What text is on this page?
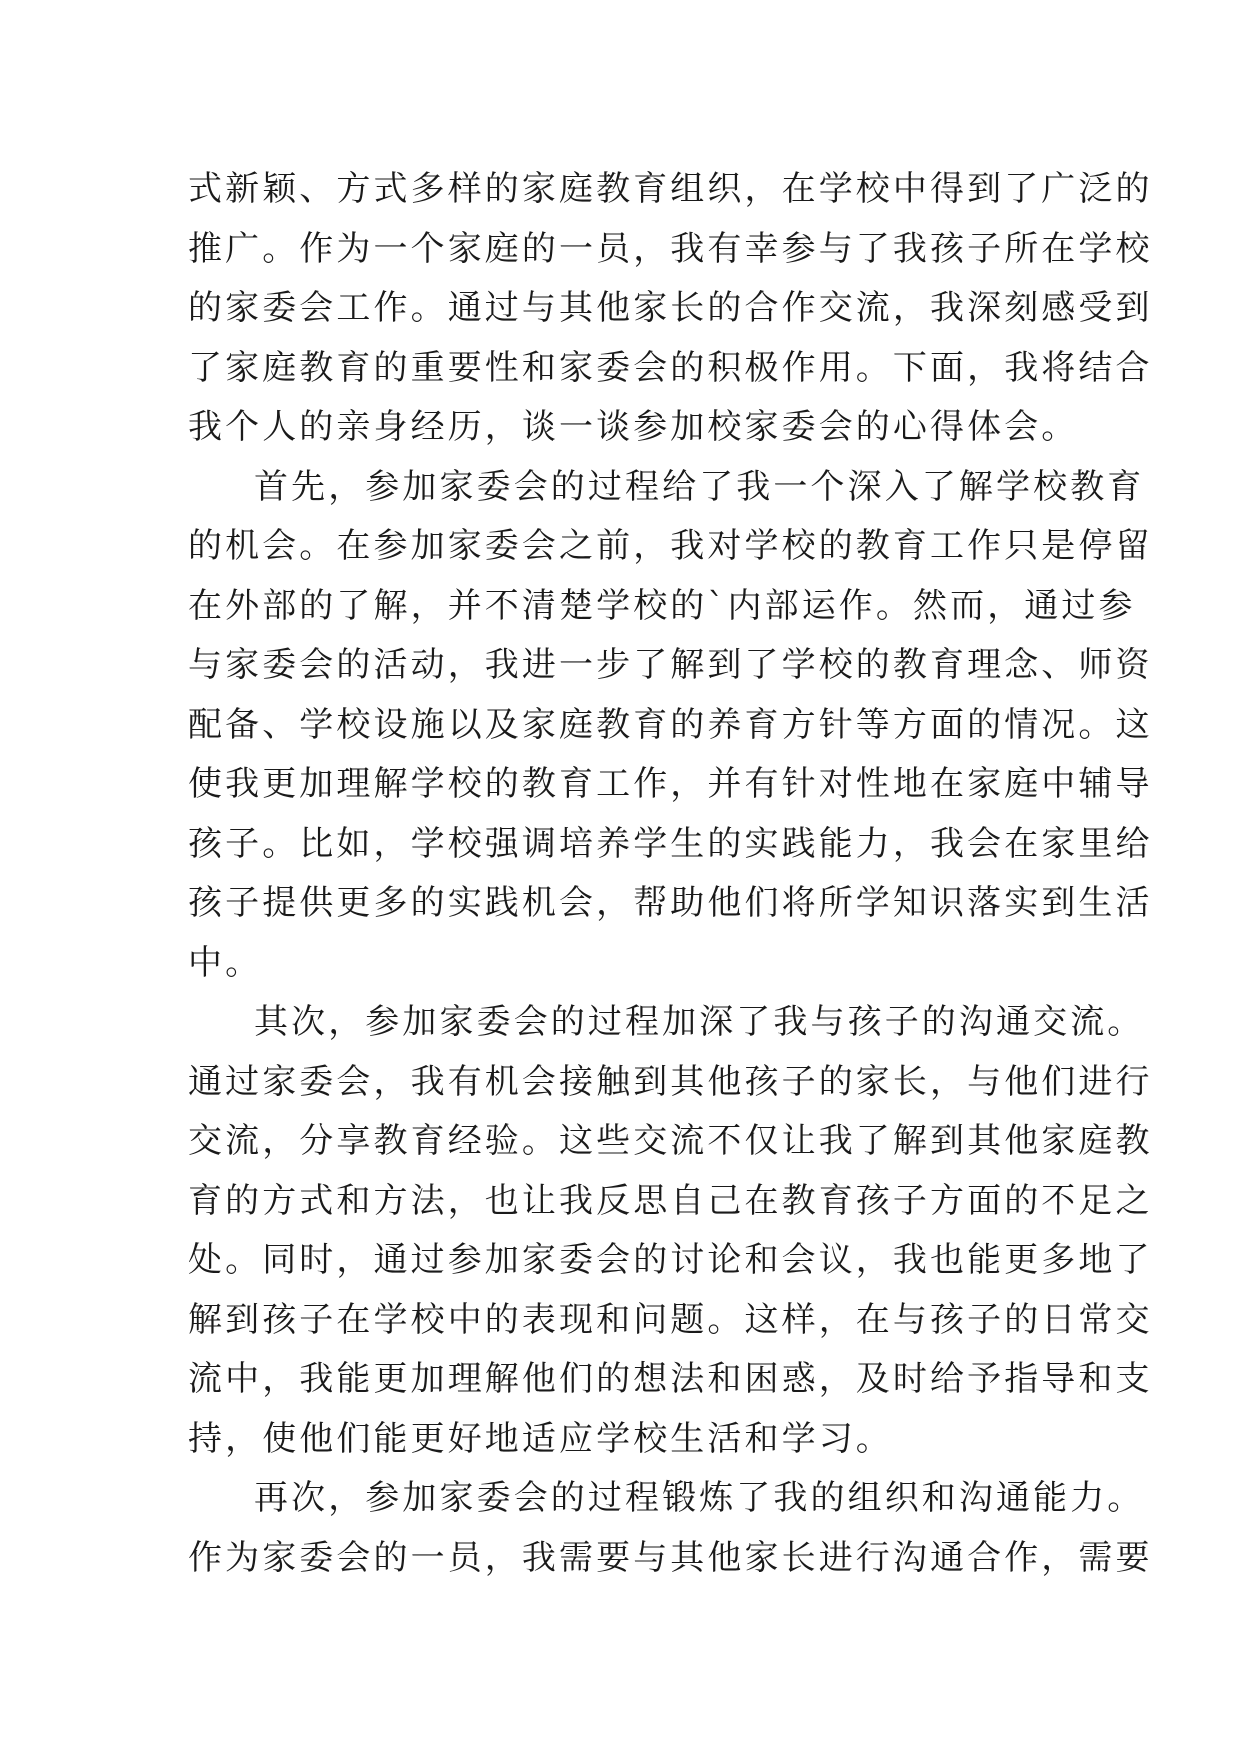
式新颖、方式多样的家庭教育组织，在学校中得到了广泛的
推广。作为一个家庭的一员，我有幸参与了我孩子所在学校
的家委会工作。通过与其他家长的合作交流，我深刻感受到
了家庭教育的重要性和家委会的积极作用。下面，我将结合
我个人的亲身经历，谈一谈参加校家委会的心得体会。
首先，参加家委会的过程给了我一个深入了解学校教育
的机会。在参加家委会之前，我对学校的教育工作只是停留
在外部的了解，并不清楚学校的`内部运作。然而，通过参
与家委会的活动，我进一步了解到了学校的教育理念、师资
配备、学校设施以及家庭教育的养育方针等方面的情况。这
使我更加理解学校的教育工作，并有针对性地在家庭中辅导
孩子。比如，学校强调培养学生的实践能力，我会在家里给
孩子提供更多的实践机会，帮助他们将所学知识落实到生活
中。
其次，参加家委会的过程加深了我与孩子的沟通交流。
通过家委会，我有机会接触到其他孩子的家长，与他们进行
交流，分享教育经验。这些交流不仅让我了解到其他家庭教
育的方式和方法，也让我反思自己在教育孩子方面的不足之
处。同时，通过参加家委会的讨论和会议，我也能更多地了
解到孩子在学校中的表现和问题。这样，在与孩子的日常交
流中，我能更加理解他们的想法和困惑，及时给予指导和支
持，使他们能更好地适应学校生活和学习。
再次，参加家委会的过程锻炼了我的组织和沟通能力。
作为家委会的一员，我需要与其他家长进行沟通合作，需要
